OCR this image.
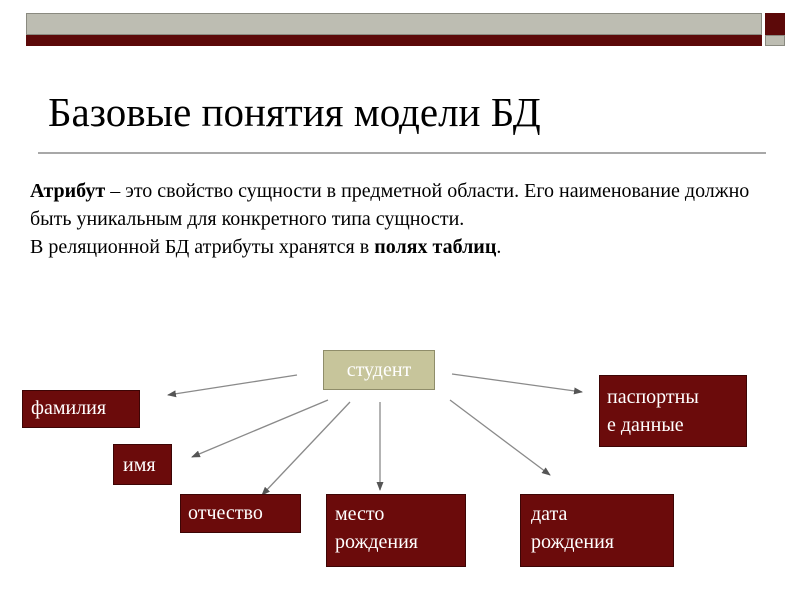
Базовые понятия модели БД

Атрибут – это свойство сущности в предметной области. Его наименование должно быть уникальным для конкретного типа сущности.

В реляционной БД атрибуты хранятся в полях таблиц.

студент
фамилия
имя
отчество	место
рождения
дата
рождения
паспортны
е данные
